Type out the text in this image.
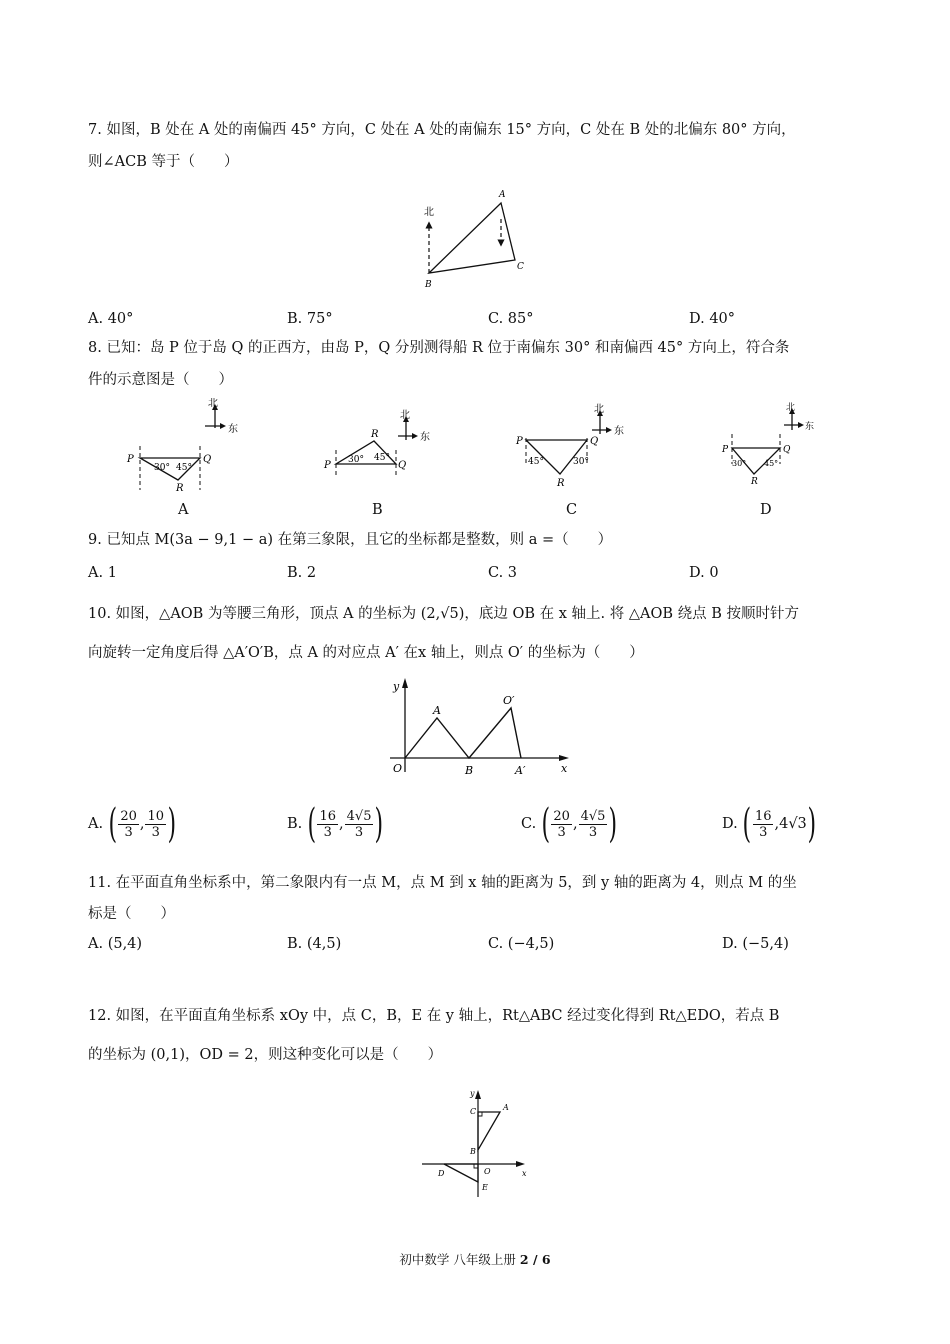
7. 如图，B 处在 A 处的南偏西 45° 方向，C 处在 A 处的南偏东 15° 方向，C 处在 B 处的北偏东 80° 方向，
则∠ACB 等于（　　）
北
A
B
C
A. 40°	B. 75°	C. 85°	D. 40°
8. 已知：岛 P 位于岛 Q 的正西方，由岛 P，Q 分别测得船 R 位于南偏东 30° 和南偏西 45° 方向上，符合条
件的示意图是（　　）
北
东
P	Q
R
30° 45°
北
东
P	Q
R
30° 45°
北
东
P	Q
R
45°	30°
北
东
P	Q
R
30° 45°
A	B	C	D
9. 已知点 M(3a − 9,1 − a) 在第三象限，且它的坐标都是整数，则 a =（　　）
A. 1	B. 2	C. 3	D. 0
10. 如图，△AOB 为等腰三角形，顶点 A 的坐标为 (2,√5)，底边 OB 在 x 轴上. 将 △AOB 绕点 B 按顺时针方
向旋转一定角度后得 △A′O′B，点 A 的对应点 A′ 在x 轴上，则点 O′ 的坐标为（　　）
y
x
O
A
B	A′
O′
A. ( $\frac{20}{3}$ , $\frac{10}{3}$ )	B. ( $\frac{16}{3}$ , $\frac{4√5}{3}$ )	C. ( $\frac{20}{3}$ , $\frac{4√5}{3}$ )	D. ( $\frac{16}{3} ,4√3$)
11. 在平面直角坐标系中，第二象限内有一点 M，点 M 到 x 轴的距离为 5，到 y 轴的距离为 4，则点 M 的坐
标是（　　）
A. (5,4)	B. (4,5)	C. (−4,5)	D. (−5,4)
12. 如图，在平面直角坐标系 xOy 中，点 C，B，E 在 y 轴上，Rt△ABC 经过变化得到 Rt△EDO，若点 B
的坐标为 (0,1)，OD = 2，则这种变化可以是（　　）
y
x
A
C
B
D	O
E
初中数学 八年级上册 2 / 6
